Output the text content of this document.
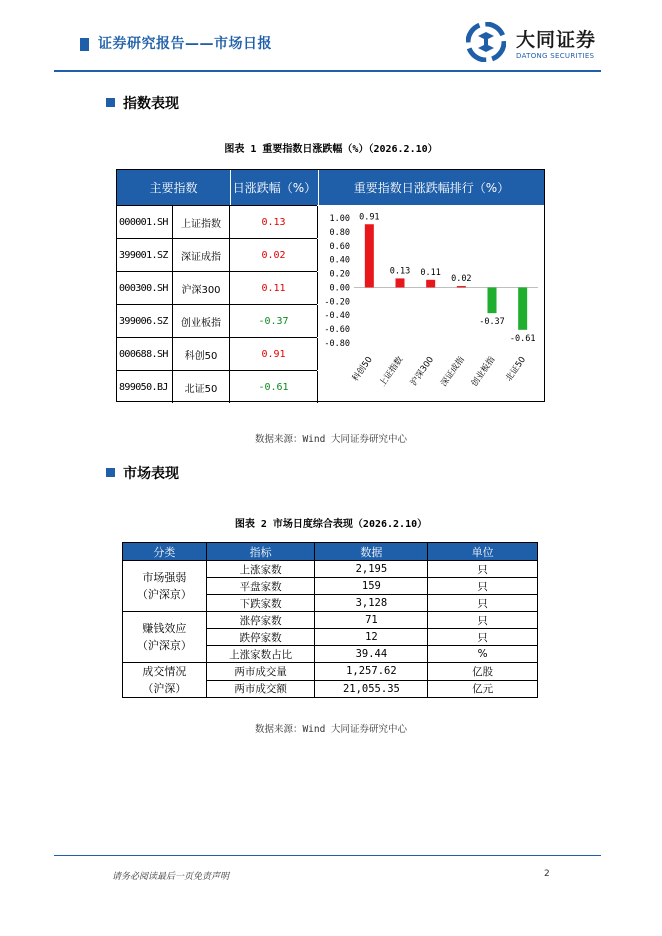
证券研究报告——市场日报	大同证券
DATONG SECURITIES
指数表现
图表 1 重要指数日涨跌幅（%）（2026.2.10）
主要指数	日涨跌幅（%）	重要指数日涨跌幅排行（%）
000001.SH	上证指数	0.13
399001.SZ	深证成指	0.02
000300.SH	沪深300	0.11
399006.SZ	创业板指	-0.37
000688.SH	科创50	0.91
899050.BJ	北证50	-0.61
1.00
0.80
0.60
0.40
0.20
0.00
-0.20
-0.40
-0.60
-0.80
0.91
科创50
0.13
上证指数
0.11
沪深300
0.02
深证成指
-0.37
创业板指
-0.61
北证50
数据来源：Wind 大同证券研究中心
市场表现
图表 2 市场日度综合表现（2026.2.10）
分类	指标	数据	单位

市场强弱
（沪深京）	上涨家数	2,195	只
	平盘家数	159	只
	下跌家数	3,128	只

赚钱效应
（沪深京）	涨停家数	71	只
	跌停家数	12	只
	上涨家数占比	39.44	%

成交情况
（沪深）	两市成交量	1,257.62	亿股
	两市成交额	21,055.35	亿元
数据来源：Wind 大同证券研究中心
请务必阅读最后一页免责声明	2
